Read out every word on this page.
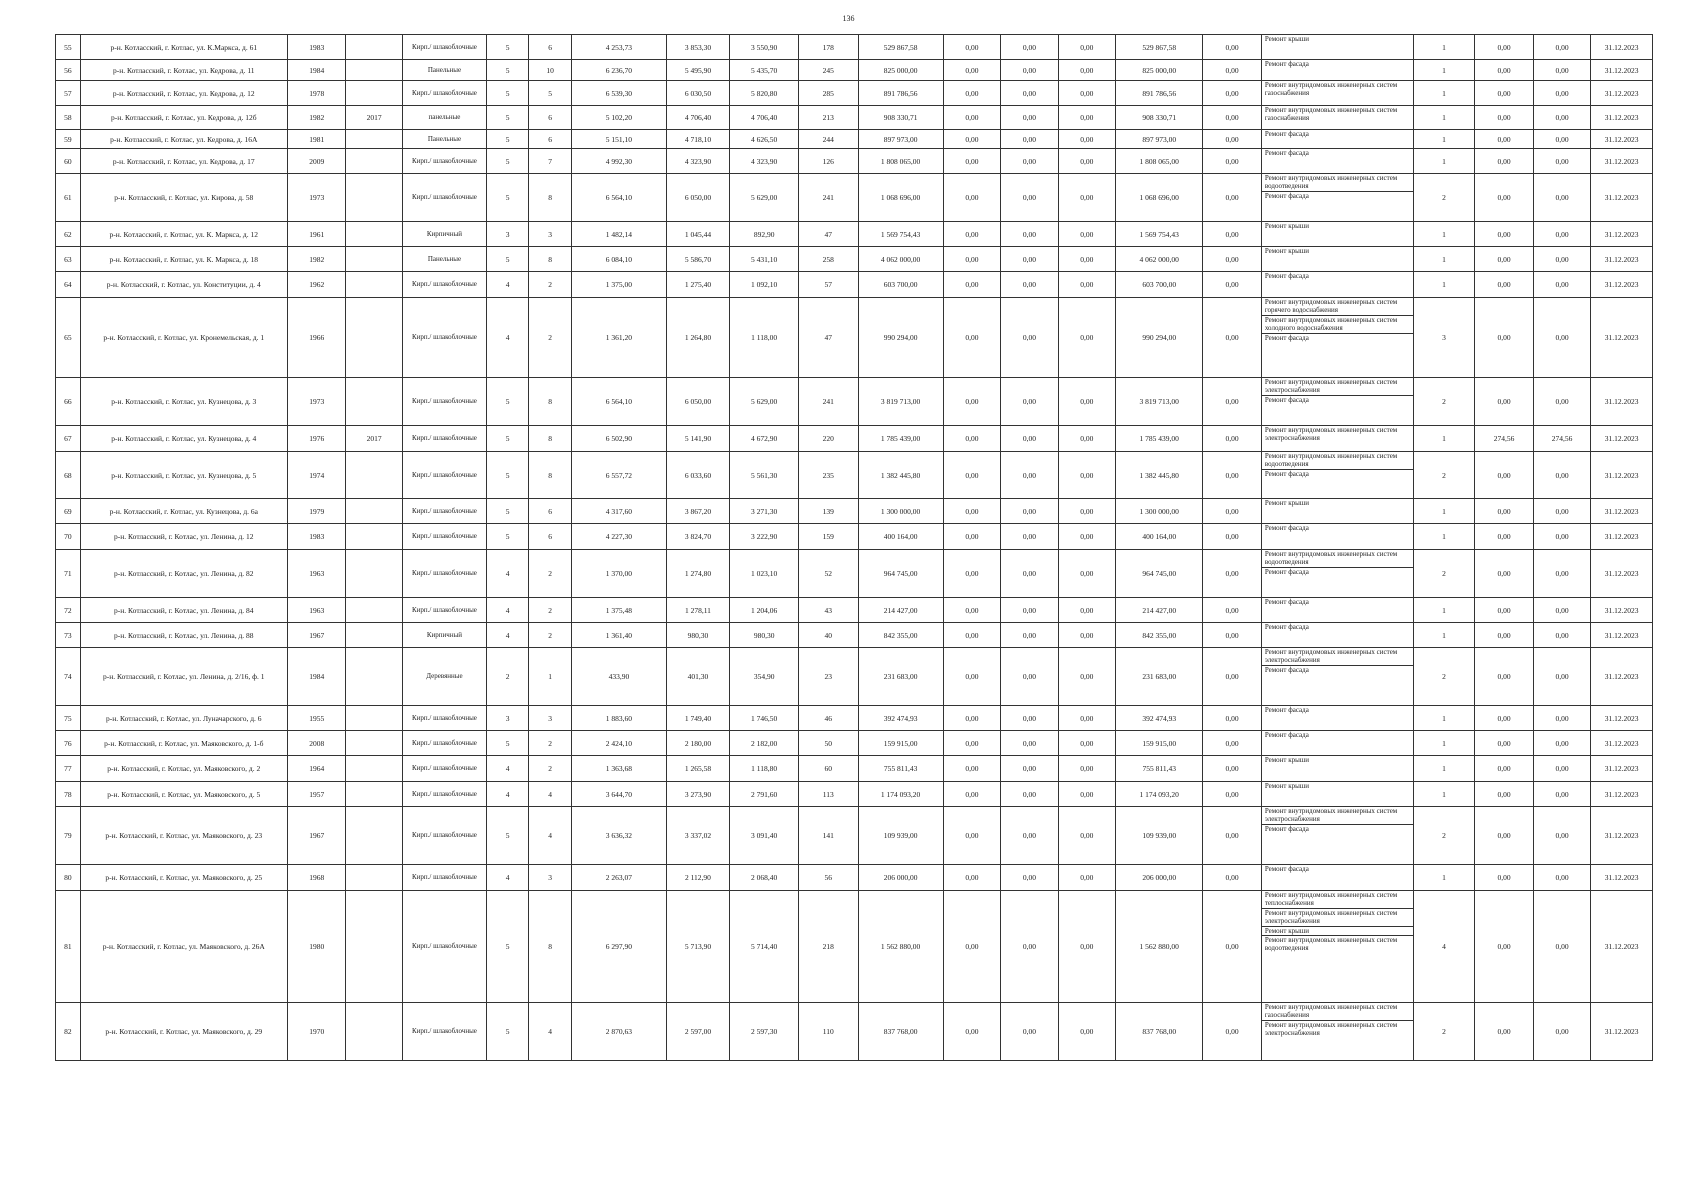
136
55	р-н. Котласский, г. Котлас, ул. К.Маркса, д. 61	1983		Кирп./ шлакоблочные	5	6	4 253,73	3 853,30	3 550,90	178	529 867,58	0,00	0,00	0,00	529 867,58	0,00	Ремонт крыши	1	0,00	0,00	31.12.2023
56	р-н. Котласский, г. Котлас, ул. Кедрова, д. 11	1984		Панельные	5	10	6 236,70	5 495,90	5 435,70	245	825 000,00	0,00	0,00	0,00	825 000,00	0,00	Ремонт фасада	1	0,00	0,00	31.12.2023
57	р-н. Котласский, г. Котлас, ул. Кедрова, д. 12	1978		Кирп./ шлакоблочные	5	5	6 539,30	6 030,50	5 820,80	285	891 786,56	0,00	0,00	0,00	891 786,56	0,00	Ремонт внутридомовых инженерных систем газоснабжения	1	0,00	0,00	31.12.2023
58	р-н. Котласский, г. Котлас, ул. Кедрова, д. 12б	1982	2017	панельные	5	6	5 102,20	4 706,40	4 706,40	213	908 330,71	0,00	0,00	0,00	908 330,71	0,00	Ремонт внутридомовых инженерных систем газоснабжения	1	0,00	0,00	31.12.2023
59	р-н. Котласский, г. Котлас, ул. Кедрова, д. 16А	1981		Панельные	5	6	5 151,10	4 718,10	4 626,50	244	897 973,00	0,00	0,00	0,00	897 973,00	0,00	Ремонт фасада	1	0,00	0,00	31.12.2023
60	р-н. Котласский, г. Котлас, ул. Кедрова, д. 17	2009		Кирп./ шлакоблочные	5	7	4 992,30	4 323,90	4 323,90	126	1 808 065,00	0,00	0,00	0,00	1 808 065,00	0,00	Ремонт фасада	1	0,00	0,00	31.12.2023
61	р-н. Котласский, г. Котлас, ул. Кирова, д. 58	1973		Кирп./ шлакоблочные	5	8	6 564,10	6 050,00	5 629,00	241	1 068 696,00	0,00	0,00	0,00	1 068 696,00	0,00	Ремонт внутридомовых инженерных систем водоотведения
Ремонт фасада	2	0,00	0,00	31.12.2023
62	р-н. Котласский, г. Котлас, ул. К. Маркса, д. 12	1961		Кирпичный	3	3	1 482,14	1 045,44	892,90	47	1 569 754,43	0,00	0,00	0,00	1 569 754,43	0,00	Ремонт крыши	1	0,00	0,00	31.12.2023
63	р-н. Котласский, г. Котлас, ул. К. Маркса, д. 18	1982		Панельные	5	8	6 084,10	5 586,70	5 431,10	258	4 062 000,00	0,00	0,00	0,00	4 062 000,00	0,00	Ремонт крыши	1	0,00	0,00	31.12.2023
64	р-н. Котласский, г. Котлас, ул. Конституции, д. 4	1962		Кирп./ шлакоблочные	4	2	1 375,00	1 275,40	1 092,10	57	603 700,00	0,00	0,00	0,00	603 700,00	0,00	Ремонт фасада	1	0,00	0,00	31.12.2023
65	р-н. Котласский, г. Котлас, ул. Кронемельская, д. 1	1966		Кирп./ шлакоблочные	4	2	1 361,20	1 264,80	1 118,00	47	990 294,00	0,00	0,00	0,00	990 294,00	0,00	Ремонт внутридомовых инженерных систем горячего водоснабжения
Ремонт внутридомовых инженерных систем холодного водоснабжения
Ремонт фасада	3	0,00	0,00	31.12.2023
66	р-н. Котласский, г. Котлас, ул. Кузнецова, д. 3	1973		Кирп./ шлакоблочные	5	8	6 564,10	6 050,00	5 629,00	241	3 819 713,00	0,00	0,00	0,00	3 819 713,00	0,00	Ремонт внутридомовых инженерных систем электроснабжения
Ремонт фасада	2	0,00	0,00	31.12.2023
67	р-н. Котласский, г. Котлас, ул. Кузнецова, д. 4	1976	2017	Кирп./ шлакоблочные	5	8	6 502,90	5 141,90	4 672,90	220	1 785 439,00	0,00	0,00	0,00	1 785 439,00	0,00	Ремонт внутридомовых инженерных систем электроснабжения	1	274,56	274,56	31.12.2023
68	р-н. Котласский, г. Котлас, ул. Кузнецова, д. 5	1974		Кирп./ шлакоблочные	5	8	6 557,72	6 033,60	5 561,30	235	1 382 445,80	0,00	0,00	0,00	1 382 445,80	0,00	Ремонт внутридомовых инженерных систем водоотведения
Ремонт фасада	2	0,00	0,00	31.12.2023
69	р-н. Котласский, г. Котлас, ул. Кузнецова, д. 6а	1979		Кирп./ шлакоблочные	5	6	4 317,60	3 867,20	3 271,30	139	1 300 000,00	0,00	0,00	0,00	1 300 000,00	0,00	Ремонт крыши	1	0,00	0,00	31.12.2023
70	р-н. Котласский, г. Котлас, ул. Ленина, д. 12	1983		Кирп./ шлакоблочные	5	6	4 227,30	3 824,70	3 222,90	159	400 164,00	0,00	0,00	0,00	400 164,00	0,00	Ремонт фасада	1	0,00	0,00	31.12.2023
71	р-н. Котласский, г. Котлас, ул. Ленина, д. 82	1963		Кирп./ шлакоблочные	4	2	1 370,00	1 274,80	1 023,10	52	964 745,00	0,00	0,00	0,00	964 745,00	0,00	Ремонт внутридомовых инженерных систем водоотведения
Ремонт фасада	2	0,00	0,00	31.12.2023
72	р-н. Котласский, г. Котлас, ул. Ленина, д. 84	1963		Кирп./ шлакоблочные	4	2	1 375,48	1 278,11	1 204,06	43	214 427,00	0,00	0,00	0,00	214 427,00	0,00	Ремонт фасада	1	0,00	0,00	31.12.2023
73	р-н. Котласский, г. Котлас, ул. Ленина, д. 88	1967		Кирпичный	4	2	1 361,40	980,30	980,30	40	842 355,00	0,00	0,00	0,00	842 355,00	0,00	Ремонт фасада	1	0,00	0,00	31.12.2023
74	р-н. Котласский, г. Котлас, ул. Ленина, д. 2/16, ф. 1	1984		Деревянные	2	1	433,90	401,30	354,90	23	231 683,00	0,00	0,00	0,00	231 683,00	0,00	Ремонт внутридомовых инженерных систем электроснабжения
Ремонт фасада	2	0,00	0,00	31.12.2023
75	р-н. Котласский, г. Котлас, ул. Луначарского, д. 6	1955		Кирп./ шлакоблочные	3	3	1 883,60	1 749,40	1 746,50	46	392 474,93	0,00	0,00	0,00	392 474,93	0,00	Ремонт фасада	1	0,00	0,00	31.12.2023
76	р-н. Котласский, г. Котлас, ул. Маяковского, д. 1-б	2008		Кирп./ шлакоблочные	5	2	2 424,10	2 180,00	2 182,00	50	159 915,00	0,00	0,00	0,00	159 915,00	0,00	Ремонт фасада	1	0,00	0,00	31.12.2023
77	р-н. Котласский, г. Котлас, ул. Маяковского, д. 2	1964		Кирп./ шлакоблочные	4	2	1 363,68	1 265,58	1 118,80	60	755 811,43	0,00	0,00	0,00	755 811,43	0,00	Ремонт крыши	1	0,00	0,00	31.12.2023
78	р-н. Котласский, г. Котлас, ул. Маяковского, д. 5	1957		Кирп./ шлакоблочные	4	4	3 644,70	3 273,90	2 791,60	113	1 174 093,20	0,00	0,00	0,00	1 174 093,20	0,00	Ремонт крыши	1	0,00	0,00	31.12.2023
79	р-н. Котласский, г. Котлас, ул. Маяковского, д. 23	1967		Кирп./ шлакоблочные	5	4	3 636,32	3 337,02	3 091,40	141	109 939,00	0,00	0,00	0,00	109 939,00	0,00	Ремонт внутридомовых инженерных систем электроснабжения
Ремонт фасада	2	0,00	0,00	31.12.2023
80	р-н. Котласский, г. Котлас, ул. Маяковского, д. 25	1968		Кирп./ шлакоблочные	4	3	2 263,07	2 112,90	2 068,40	56	206 000,00	0,00	0,00	0,00	206 000,00	0,00	Ремонт фасада	1	0,00	0,00	31.12.2023
81	р-н. Котласский, г. Котлас, ул. Маяковского, д. 26А	1980		Кирп./ шлакоблочные	5	8	6 297,90	5 713,90	5 714,40	218	1 562 880,00	0,00	0,00	0,00	1 562 880,00	0,00	Ремонт внутридомовых инженерных систем теплоснабжения
Ремонт внутридомовых инженерных систем электроснабжения
Ремонт крыши
Ремонт внутридомовых инженерных систем водоотведения	4	0,00	0,00	31.12.2023
82	р-н. Котласский, г. Котлас, ул. Маяковского, д. 29	1970		Кирп./ шлакоблочные	5	4	2 870,63	2 597,00	2 597,30	110	837 768,00	0,00	0,00	0,00	837 768,00	0,00	Ремонт внутридомовых инженерных систем газоснабжения
Ремонт внутридомовых инженерных систем электроснабжения	2	0,00	0,00	31.12.2023
